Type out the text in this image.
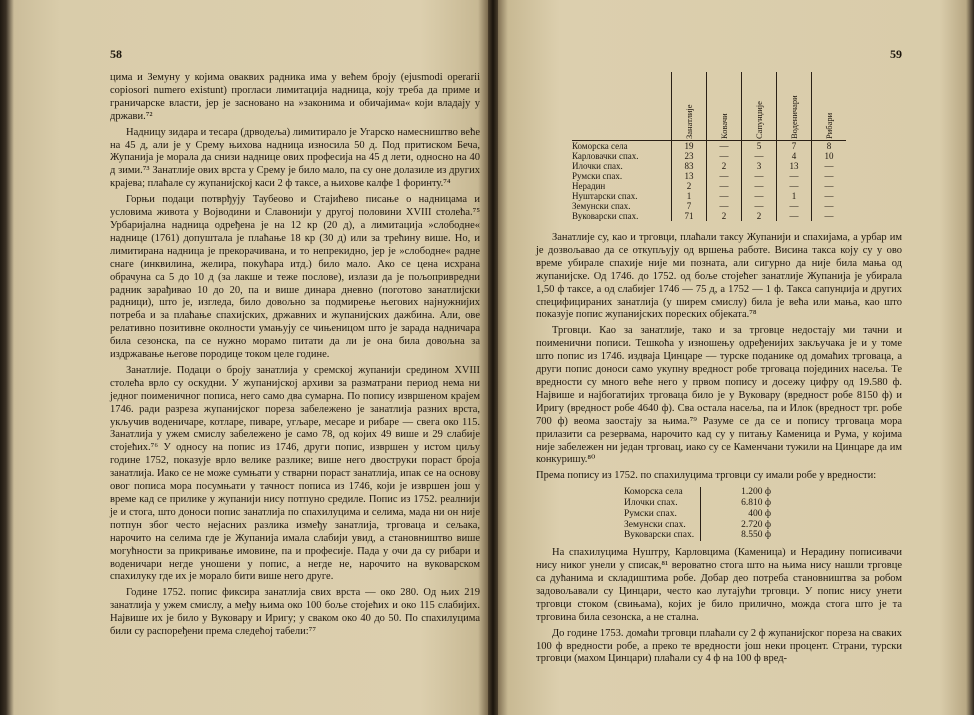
58

цима и Земуну у којима оваквих радника има у већем броју (ejusmodi operarii copiosori numero existunt) прогласи лимитација надница, коју треба да приме и граничарске власти, јер је засновано на »законима и обичајима« који владају у држави.⁷²

Надницу зидара и тесара (дрводеља) лимитирало је Угарско намесништво веће на 45 д, али је у Срему њихова надница износила 50 д. Под притиском Беча, Жупанија је морала да снизи наднице ових професија на 45 д лети, односно на 40 д зими.⁷³ Занатлије ових врста у Срему је било мало, па су оне долазиле из других крајева; плаћале су жупанијској каси 2 ф таксе, а њихове калфе 1 форинту.⁷⁴

Горњи подаци потврђују Таубеово и Стајићево писање о надницама и условима живота у Војводини и Славонији у другој половини XVIII столећа.⁷⁵ Урбаријална надница одређена је на 12 кр (20 д), а лимитација »слободне« наднице (1761) допуштала је плаћање 18 кр (30 д) или за трећину више. Но, и лимитирана надница је прекорачивана, и то непрекидно, јер је »слободне« радне снаге (инквилина, желира, покућара итд.) било мало. Ако се цена исхрана обрачуна са 5 до 10 д (за лакше и теже послове), излази да је пољопривредни радник зарађивао 10 до 20, па и више динара дневно (поготово занатлијски радници), што је, изгледа, било довољно за подмирење његових најнужнијих потреба и за плаћање спахијских, државних и жупанијских дажбина. Али, ове релативно позитивне околности умањују се чињеницом што је зарада надничара била сезонска, па се нужно морамо питати да ли је она била довољна за издржавање његове породице током целе године.

Занатлије. Подаци о броју занатлија у сремској жупанији средином XVIII столећа врло су оскудни. У жупанијској архиви за разматрани период нема ни једног поименичног пописа, него само два сумарна. По попису извршеном крајем 1746. ради разреза жупанијског пореза забележено је занатлија разних врста, укључив воденичаре, котларе, пиваре, угљаре, месаре и рибаре — свега око 115. Занатлија у ужем смислу забележено је само 78, од којих 49 више и 29 слабије стојећих.⁷⁶ У односу на попис из 1746, други попис, извршен у истом циљу године 1752, показује врло велике разлике; више него двоструки пораст броја занатлија. Иако се не може сумњати у стварни пораст занатлија, ипак се на основу овог пописа мора посумњати у тачност пописа из 1746, који је извршен још у време кад се прилике у жупанији нису потпуно средиле. Попис из 1752. реалнији је и стога, што доноси попис занатлија по спахилуцима и селима, мада ни он није потпун због често нејасних разлика између занатлија, трговаца и сељака, нарочито на селима где је Жупанија имала слабији увид, а становништво више могућности за прикривање имовине, па и професије. Пада у очи да су рибари и воденичари негде уношени у попис, а негде не, нарочито на вуковарском спахилуку где их је морало бити више него друге.

Године 1752. попис фиксира занатлија свих врста — око 280. Од њих 219 занатлија у ужем смислу, а међу њима око 100 боље стојећих и око 115 слабијих. Највише их је било у Вуковару и Иригу; у сваком око 40 до 50. По спахилуцима били су распоређени према следећој табели:⁷⁷

59
	Занатлије	Ковачи	Сапунџије	Воденичари	Рибари
Коморска села	19	—	5	7	8
Карловачки спах.	23	—	—	4	10
Илочки спах.	83	2	3	13	—
Румски спах.	13	—	—	—	—
Нерадин	2	—	—	—	—
Нуштарски спах.	1	—	—	1	—
Земунски спах.	7	—	—	—	—
Вуковарски спах.	71	2	2	—	—

Занатлије су, као и трговци, плаћали таксу Жупанији и спахијама, а урбар им је дозвољавао да се откупљују од вршења работе. Висина такса коју су у ово време убирале спахије није ми позната, али сигурно да није била мања од жупанијске. Од 1746. до 1752. од боље стојећег занатлије Жупанија је убирала 1,50 ф таксе, а од слабијег 1746 — 75 д, а 1752 — 1 ф. Такса сапунџија и других специфицираних занатлија (у ширем смислу) била је већа или мања, као што показује попис жупанијских пореских објеката.⁷⁸

Трговци. Као за занатлије, тако и за трговце недостају ми тачни и поименични пописи. Тешкоћа у изношењу одређенијих закључака је и у томе што попис из 1746. издваја Цинцаре — турске поданике од домаћих трговаца, а други попис доноси само укупну вредност робе трговаца појединих насеља. Те вредности су много веће него у првом попису и досежу цифру од 19.580 ф. Највише и најбогатијих трговаца било је у Вуковару (вредност робе 8150 ф) и Иригу (вредност робе 4640 ф). Сва остала насеља, па и Илок (вредност трг. робе 700 ф) веома заостају за њима.⁷⁹ Разуме се да се и попису трговаца мора прилазити са резервама, нарочито кад су у питању Каменица и Рума, у којима није забележен ни један трговац, иако су се Каменчани тужили на Цинцаре да им конкуришу.⁸⁰

Према попису из 1752. по спахилуцима трговци су имали робе у вредности:

Коморска села	1.200 ф
Илочки спах.	6.810 ф
Румски спах.	400 ф
Земунски спах.	2.720 ф
Вуковарски спах.	8.550 ф

На спахилуцима Нуштру, Карловцима (Каменица) и Нерадину пописивачи нису никог унели у списак,⁸¹ вероватно стога што на њима нису нашли трговце са дућанима и складиштима робе. Добар део потреба становништва за робом задовољавали су Цинцари, често као лутајући трговци. У попис нису унети трговци стоком (свињама), којих је било прилично, можда стога што је та трговина била сезонска, а не стална.

До године 1753. домаћи трговци плаћали су 2 ф жупанијског пореза на сваких 100 ф вредности робе, а преко те вредности још неки процент. Страни, турски трговци (махом Цинцари) плаћали су 4 ф на 100 ф вред-
